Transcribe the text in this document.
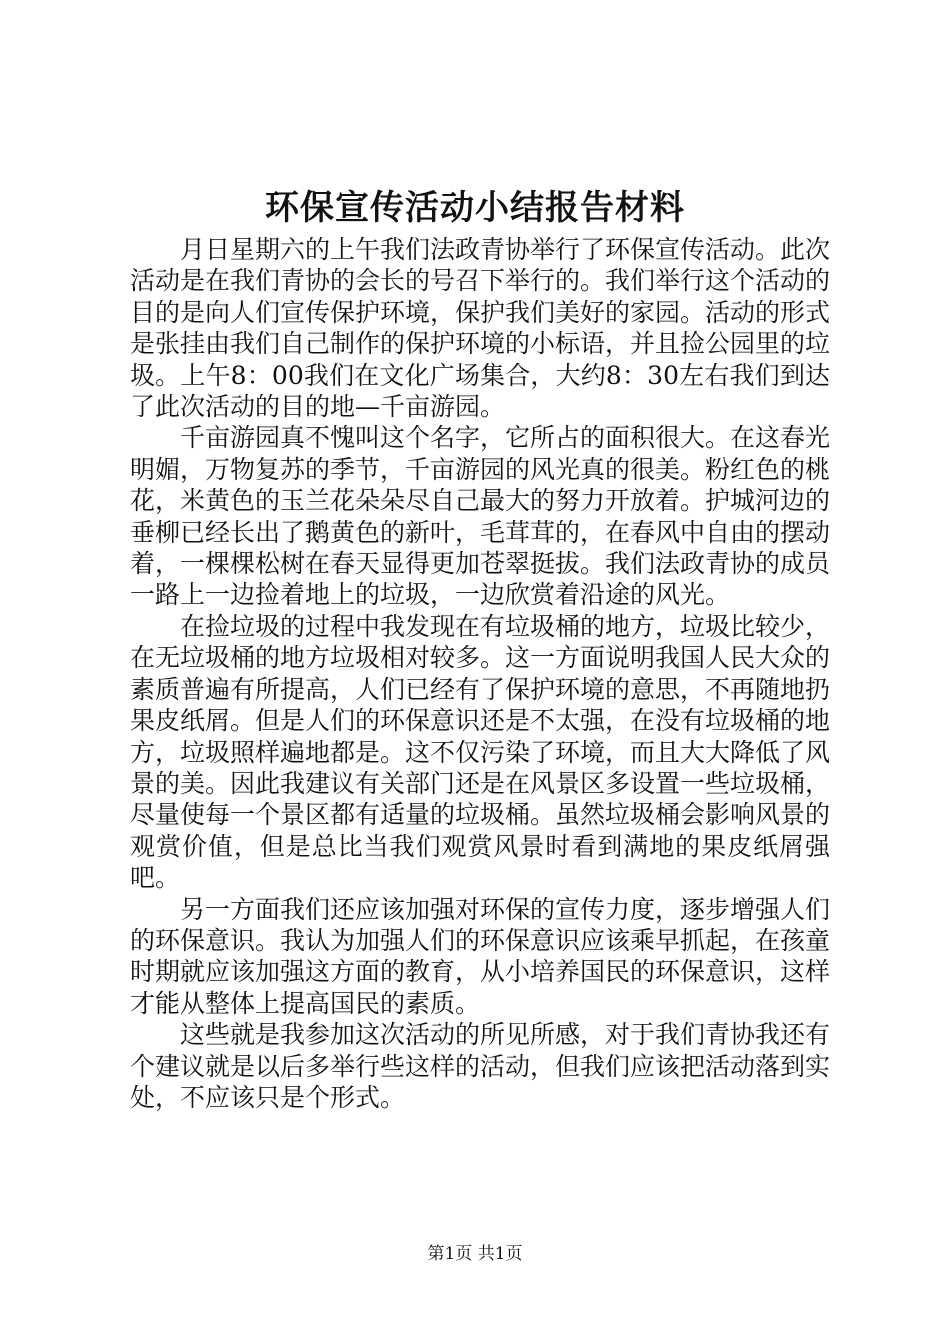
环保宣传活动小结报告材料

月日星期六的上午我们法政青协举行了环保宣传活动。此次活动是在我们青协的会长的号召下举行的。我们举行这个活动的目的是向人们宣传保护环境，保护我们美好的家园。活动的形式是张挂由我们自己制作的保护环境的小标语，并且捡公园里的垃圾。上午8：00我们在文化广场集合，大约8：30左右我们到达了此次活动的目的地—千亩游园。

千亩游园真不愧叫这个名字，它所占的面积很大。在这春光明媚，万物复苏的季节，千亩游园的风光真的很美。粉红色的桃花，米黄色的玉兰花朵朵尽自己最大的努力开放着。护城河边的垂柳已经长出了鹅黄色的新叶，毛茸茸的，在春风中自由的摆动着，一棵棵松树在春天显得更加苍翠挺拔。我们法政青协的成员一路上一边捡着地上的垃圾，一边欣赏着沿途的风光。

在捡垃圾的过程中我发现在有垃圾桶的地方，垃圾比较少，在无垃圾桶的地方垃圾相对较多。这一方面说明我国人民大众的素质普遍有所提高，人们已经有了保护环境的意思，不再随地扔果皮纸屑。但是人们的环保意识还是不太强，在没有垃圾桶的地方，垃圾照样遍地都是。这不仅污染了环境，而且大大降低了风景的美。因此我建议有关部门还是在风景区多设置一些垃圾桶，尽量使每一个景区都有适量的垃圾桶。虽然垃圾桶会影响风景的观赏价值，但是总比当我们观赏风景时看到满地的果皮纸屑强吧。

另一方面我们还应该加强对环保的宣传力度，逐步增强人们的环保意识。我认为加强人们的环保意识应该乘早抓起，在孩童时期就应该加强这方面的教育，从小培养国民的环保意识，这样才能从整体上提高国民的素质。

这些就是我参加这次活动的所见所感，对于我们青协我还有个建议就是以后多举行些这样的活动，但我们应该把活动落到实处，不应该只是个形式。

第1页 共1页
